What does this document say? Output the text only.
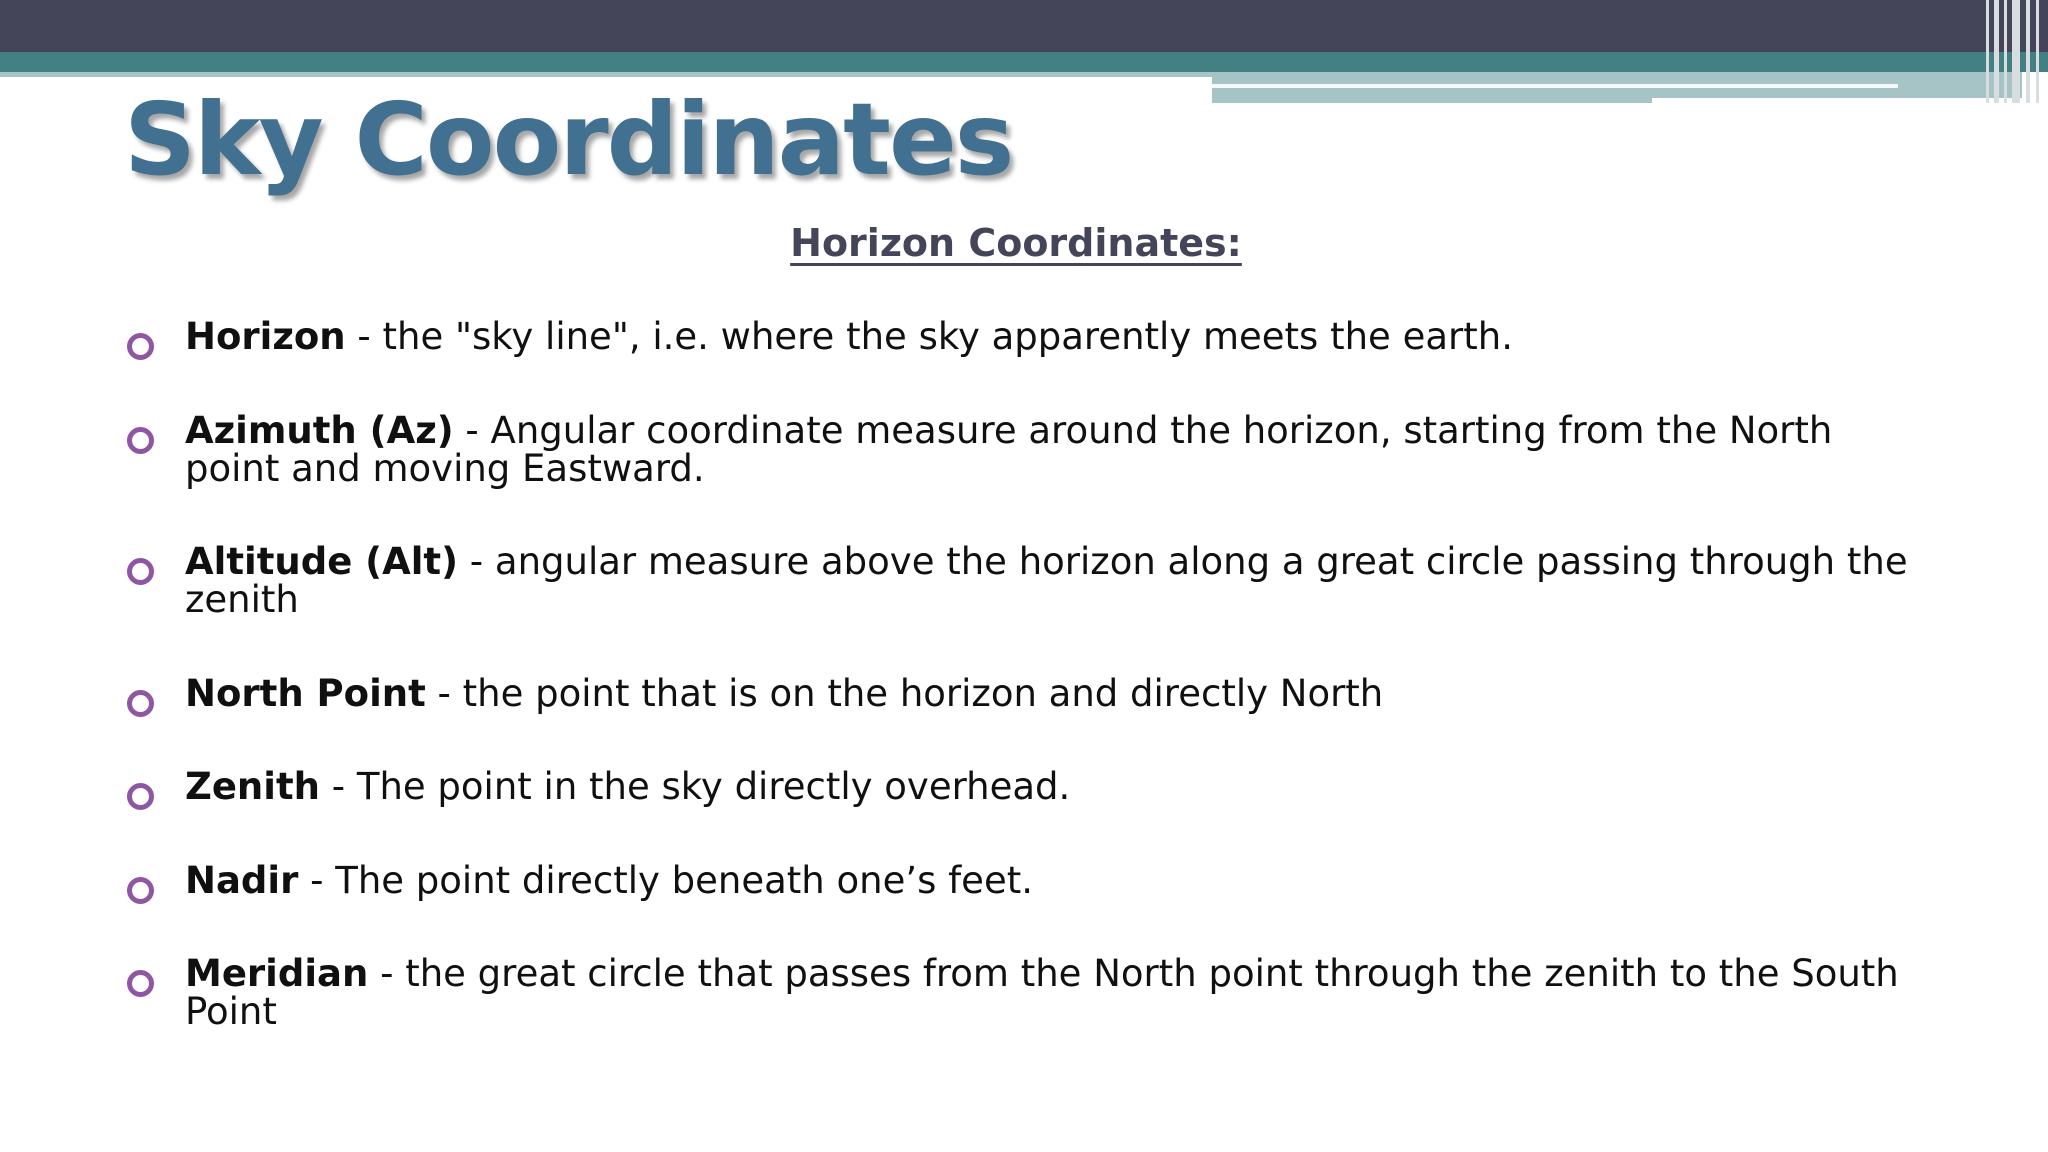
Sky Coordinates
Horizon Coordinates:

Horizon - the "sky line", i.e. where the sky apparently meets the earth.

Azimuth (Az) - Angular coordinate measure around the horizon, starting from the North point and moving Eastward.

Altitude (Alt) - angular measure above the horizon along a great circle passing through the zenith

North Point - the point that is on the horizon and directly North

Zenith - The point in the sky directly overhead.

Nadir - The point directly beneath one’s feet.

Meridian - the great circle that passes from the North point through the zenith to the South Point
